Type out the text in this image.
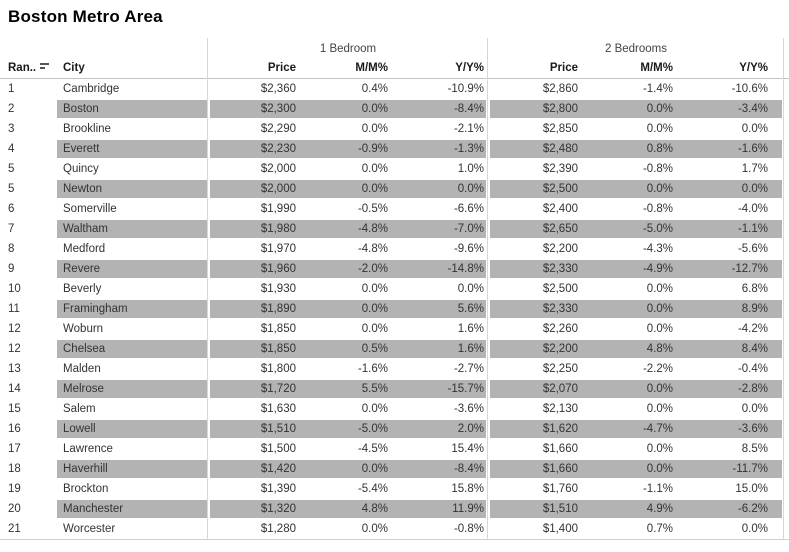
Boston Metro Area
1 Bedroom	2 Bedrooms
Ran..	City	Price	M/M%	Y/Y%	Price	M/M%	Y/Y%
1	Cambridge	$2,360	0.4%	-10.9%	$2,860	-1.4%	-10.6%
2	Boston	$2,300	0.0%	-8.4%	$2,800	0.0%	-3.4%
3	Brookline	$2,290	0.0%	-2.1%	$2,850	0.0%	0.0%
4	Everett	$2,230	-0.9%	-1.3%	$2,480	0.8%	-1.6%
5	Quincy	$2,000	0.0%	1.0%	$2,390	-0.8%	1.7%
5	Newton	$2,000	0.0%	0.0%	$2,500	0.0%	0.0%
6	Somerville	$1,990	-0.5%	-6.6%	$2,400	-0.8%	-4.0%
7	Waltham	$1,980	-4.8%	-7.0%	$2,650	-5.0%	-1.1%
8	Medford	$1,970	-4.8%	-9.6%	$2,200	-4.3%	-5.6%
9	Revere	$1,960	-2.0%	-14.8%	$2,330	-4.9%	-12.7%
10	Beverly	$1,930	0.0%	0.0%	$2,500	0.0%	6.8%
11	Framingham	$1,890	0.0%	5.6%	$2,330	0.0%	8.9%
12	Woburn	$1,850	0.0%	1.6%	$2,260	0.0%	-4.2%
12	Chelsea	$1,850	0.5%	1.6%	$2,200	4.8%	8.4%
13	Malden	$1,800	-1.6%	-2.7%	$2,250	-2.2%	-0.4%
14	Melrose	$1,720	5.5%	-15.7%	$2,070	0.0%	-2.8%
15	Salem	$1,630	0.0%	-3.6%	$2,130	0.0%	0.0%
16	Lowell	$1,510	-5.0%	2.0%	$1,620	-4.7%	-3.6%
17	Lawrence	$1,500	-4.5%	15.4%	$1,660	0.0%	8.5%
18	Haverhill	$1,420	0.0%	-8.4%	$1,660	0.0%	-11.7%
19	Brockton	$1,390	-5.4%	15.8%	$1,760	-1.1%	15.0%
20	Manchester	$1,320	4.8%	11.9%	$1,510	4.9%	-6.2%
21	Worcester	$1,280	0.0%	-0.8%	$1,400	0.7%	0.0%
